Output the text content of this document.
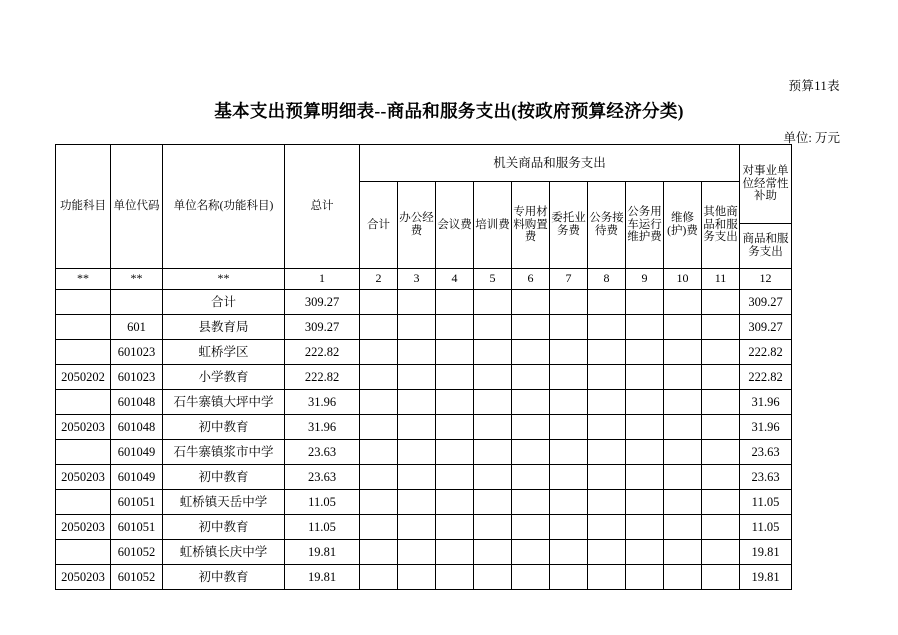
预算11表
基本支出预算明细表--商品和服务支出(按政府预算经济分类)
单位: 万元
功能科目	单位代码	单位名称(功能科目)	总计	机关商品和服务支出										对事业单位经常性补助
				合计	办公经费	会议费	培训费	专用材料购置费	委托业务费	公务接待费	公务用车运行维护费	维修(护)费	其他商品和服务支出	
														商品和服务支出
**	**	**	1	2	3	4	5	6	7	8	9	10	11	12
		合计	309.27											309.27
	601	县教育局	309.27											309.27
	601023	虹桥学区	222.82											222.82
2050202	601023	小学教育	222.82											222.82
	601048	石牛寨镇大坪中学	31.96											31.96
2050203	601048	初中教育	31.96											31.96
	601049	石牛寨镇浆市中学	23.63											23.63
2050203	601049	初中教育	23.63											23.63
	601051	虹桥镇天岳中学	11.05											11.05
2050203	601051	初中教育	11.05											11.05
	601052	虹桥镇长庆中学	19.81											19.81
2050203	601052	初中教育	19.81											19.81
